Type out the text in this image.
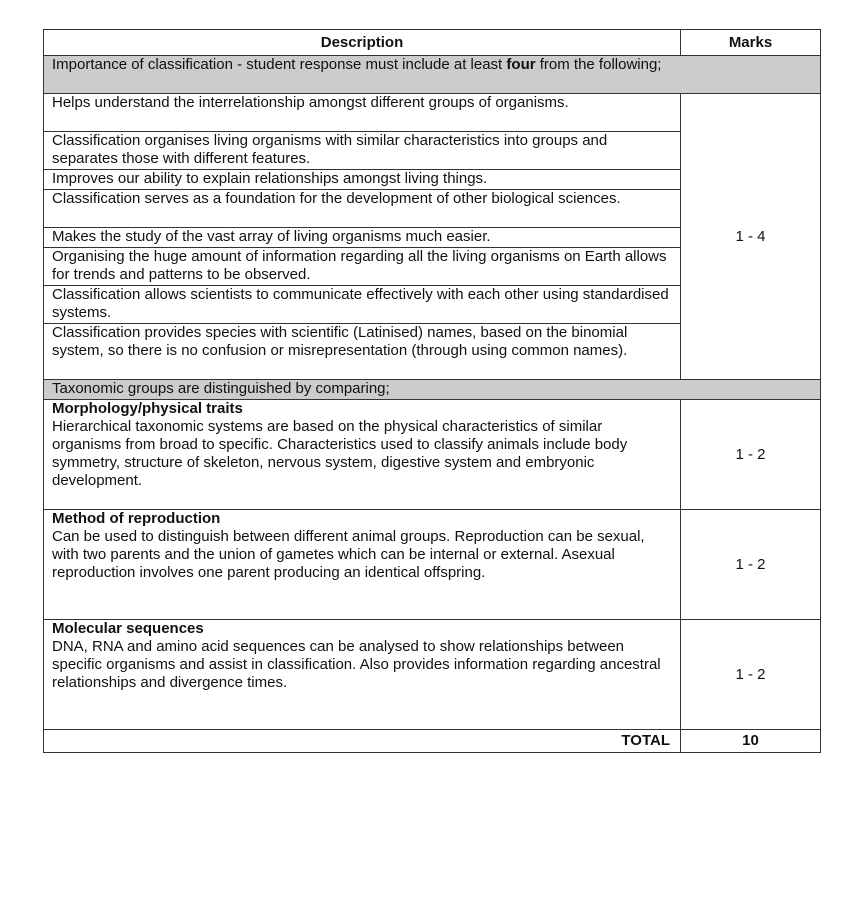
Description	Marks
Importance of classification - student response must include at least four from the following;	
Helps understand the interrelationship amongst different groups of organisms.	1 - 4
Classification organises living organisms with similar characteristics into groups and separates those with different features.	
Improves our ability to explain relationships amongst living things.	
Classification serves as a foundation for the development of other biological sciences.	
Makes the study of the vast array of living organisms much easier.	
Organising the huge amount of information regarding all the living organisms on Earth allows for trends and patterns to be observed.	
Classification allows scientists to communicate effectively with each other using standardised systems.	
Classification provides species with scientific (Latinised) names, based on the binomial system, so there is no confusion or misrepresentation (through using common names).	
Taxonomic groups are distinguished by comparing;	

Morphology/physical traits
Hierarchical taxonomic systems are based on the physical characteristics of similar organisms from broad to specific. Characteristics used to classify animals include body symmetry, structure of skeleton, nervous system, digestive system and embryonic development.	1 - 2

Method of reproduction
Can be used to distinguish between different animal groups. Reproduction can be sexual, with two parents and the union of gametes which can be internal or external. Asexual reproduction involves one parent producing an identical offspring.	1 - 2

Molecular sequences
DNA, RNA and amino acid sequences can be analysed to show relationships between specific organisms and assist in classification. Also provides information regarding ancestral relationships and divergence times.	1 - 2
TOTAL	10
